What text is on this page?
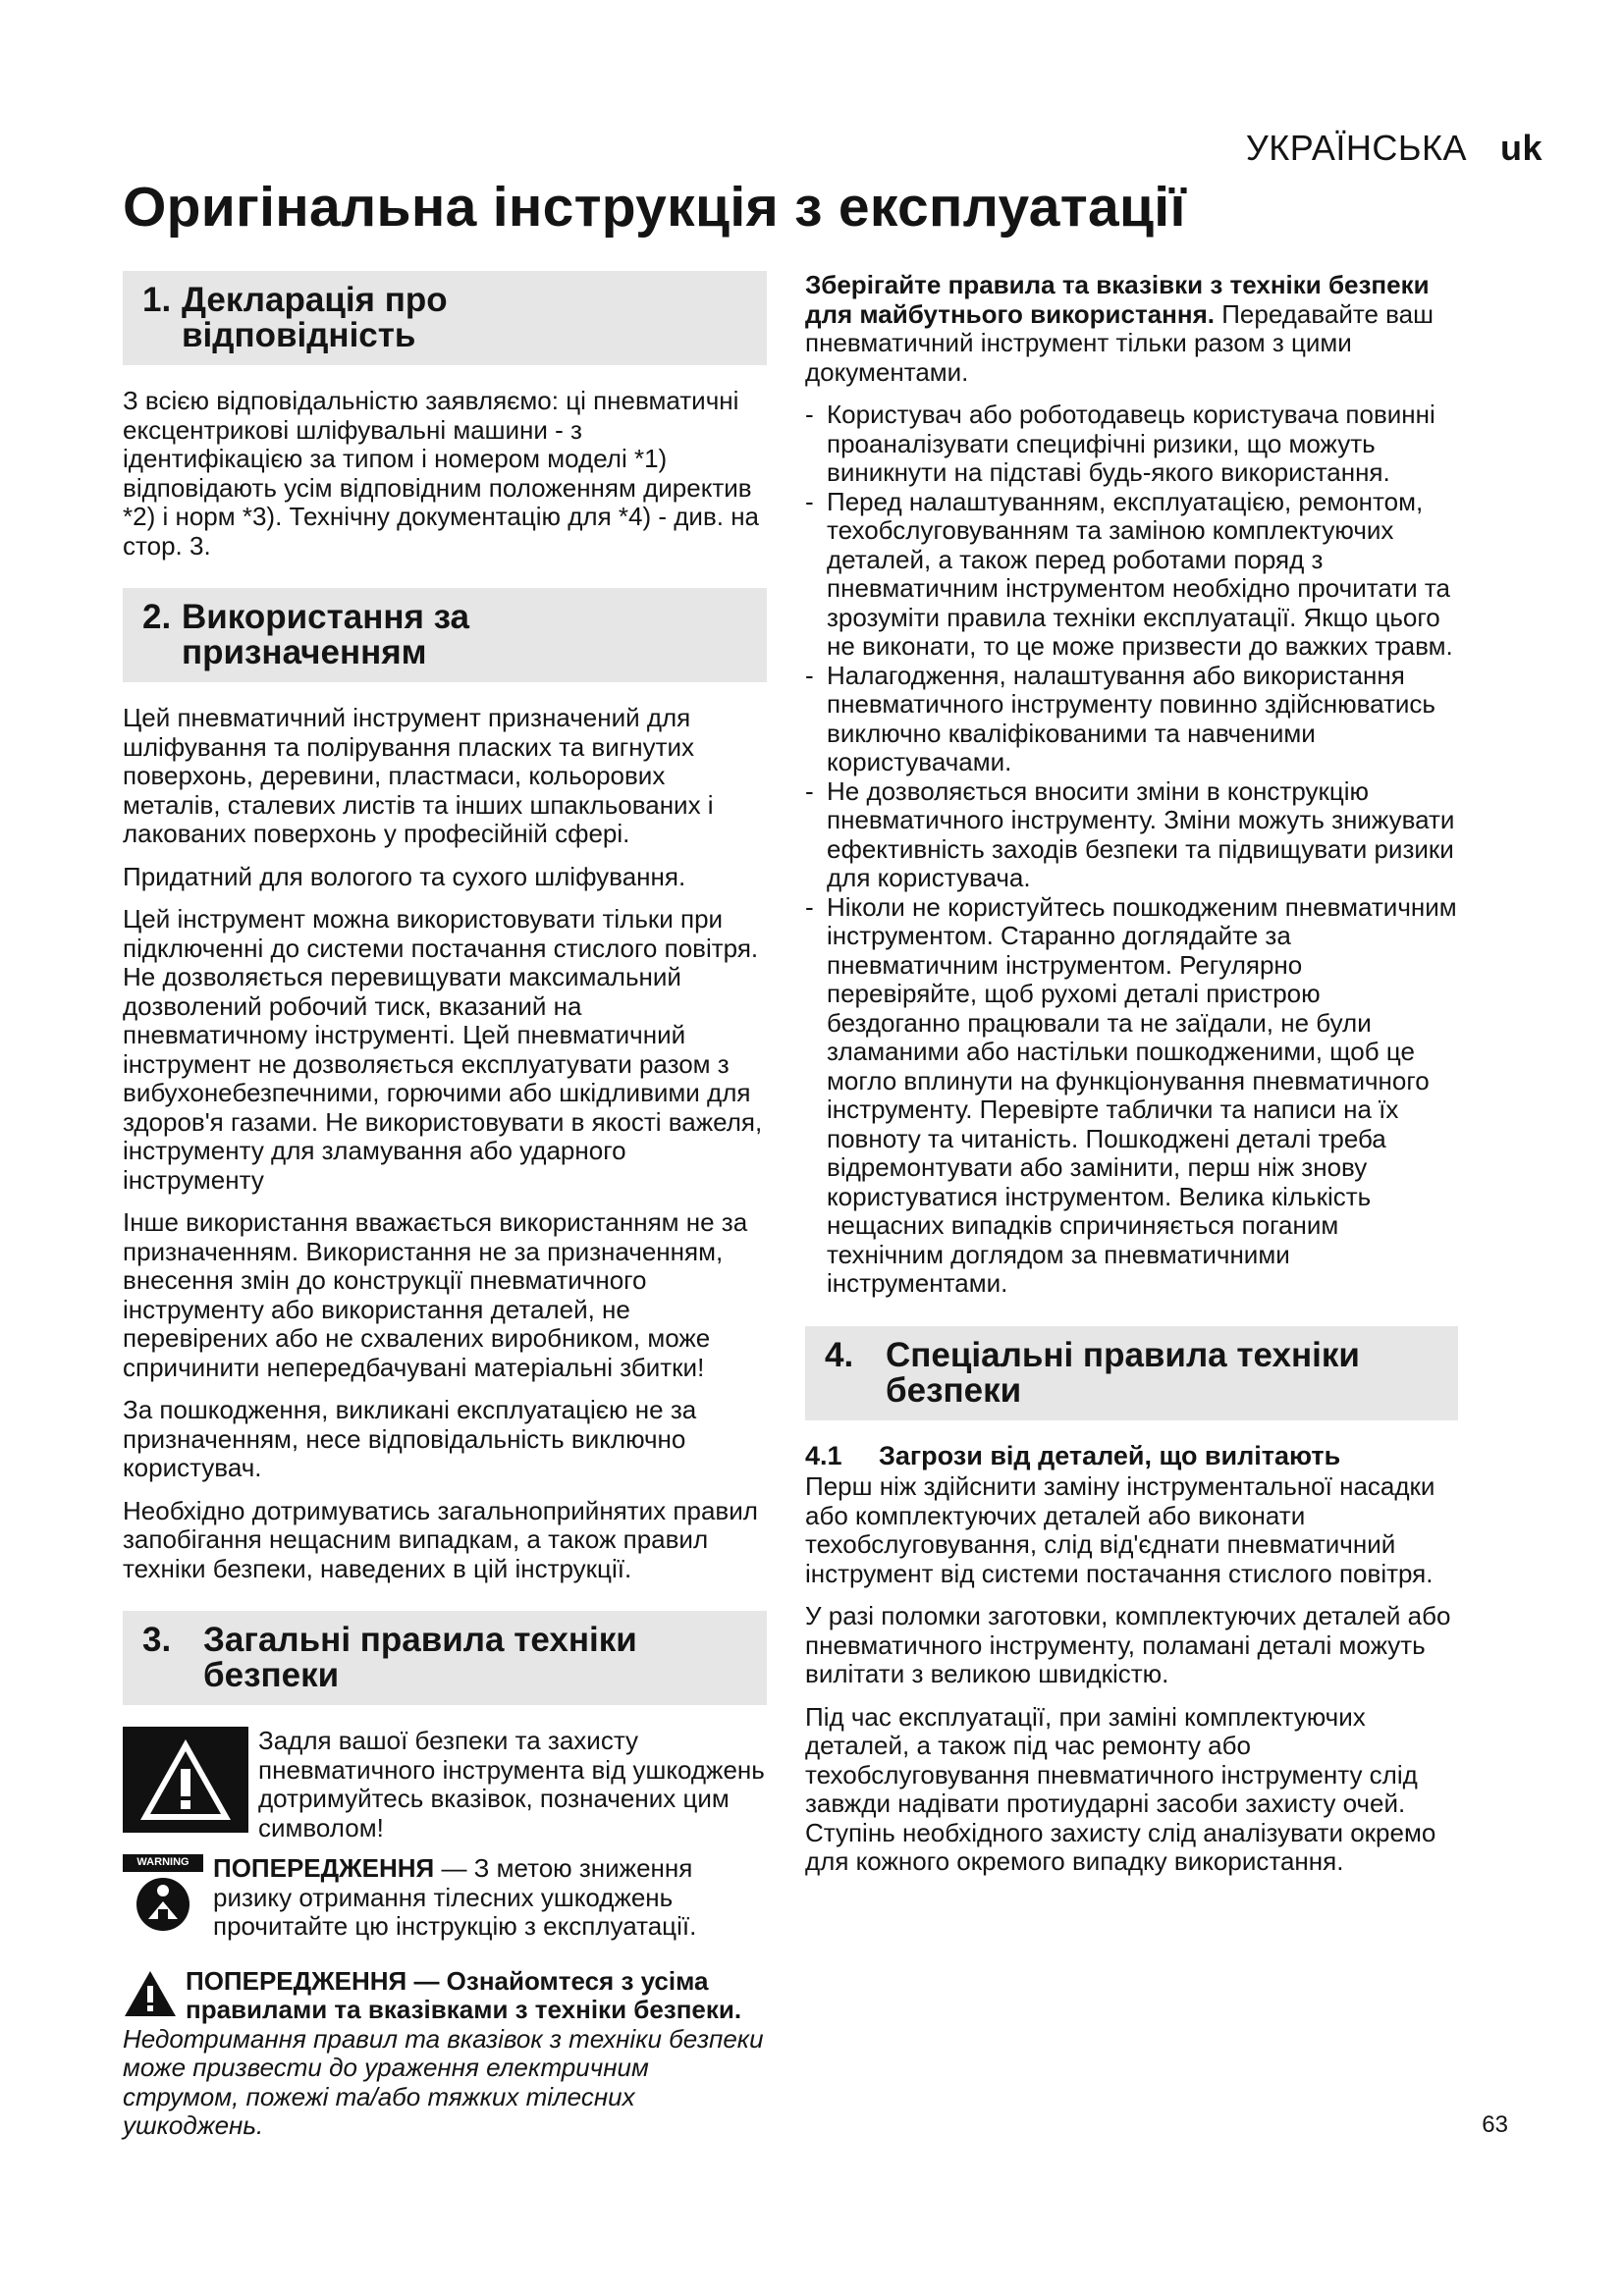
УКРАЇНСЬКА uk
Оригінальна інструкція з експлуатації
1. Декларація про
відповідність

З всією відповідальністю заявляємо: ці пневматичні ексцентрикові шліфувальні машини - з ідентифікацією за типом і номером моделі *1) відповідають усім відповідним положенням директив *2) і норм *3). Технічну документацію для *4) - див. на стор. 3.

2. Використання за
призначенням

Цей пневматичний інструмент призначений для шліфування та полірування пласких та вигнутих поверхонь, деревини, пластмаси, кольорових металів, сталевих листів та інших шпакльованих і лакованих поверхонь у професійній сфері.

Придатний для вологого та сухого шліфування.

Цей інструмент можна використовувати тільки при підключенні до системи постачання стислого повітря. Не дозволяється перевищувати максимальний дозволений робочий тиск, вказаний на пневматичному інструменті. Цей пневматичний інструмент не дозволяється експлуатувати разом з вибухонебезпечними, горючими або шкідливими для здоров'я газами. Не використовувати в якості важеля, інструменту для зламування або ударного інструменту

Інше використання вважається використанням не за призначенням. Використання не за призначенням, внесення змін до конструкції пневматичного інструменту або використання деталей, не перевірених або не схвалених виробником, може спричинити непередбачувані матеріальні збитки!

За пошкодження, викликані експлуатацією не за призначенням, несе відповідальність виключно користувач.

Необхідно дотримуватись загальноприйнятих правил запобігання нещасним випадкам, а також правил техніки безпеки, наведених в цій інструкції.

3. Загальні правила техніки
безпеки
Задля вашої безпеки та захисту пневматичного інструмента від ушкоджень дотримуйтесь вказівок, позначених цим символом!
WARNING ПОПЕРЕДЖЕННЯ — З метою зниження ризику отримання тілесних ушкоджень прочитайте цю інструкцію з експлуатації.
ПОПЕРЕДЖЕННЯ — Ознайомтеся з усіма правилами та вказівками з техніки безпеки. Недотримання правил та вказівок з техніки безпеки може призвести до ураження електричним струмом, пожежі та/або тяжких тілесних ушкоджень.

Зберігайте правила та вказівки з техніки безпеки для майбутнього використання. Передавайте ваш пневматичний інструмент тільки разом з цими документами.

- Користувач або роботодавець користувача повинні проаналізувати специфічні ризики, що можуть виникнути на підставі будь-якого використання.
- Перед налаштуванням, експлуатацією, ремонтом, техобслуговуванням та заміною комплектуючих деталей, а також перед роботами поряд з пневматичним інструментом необхідно прочитати та зрозуміти правила техніки експлуатації. Якщо цього не виконати, то це може призвести до важких травм.
- Налагодження, налаштування або використання пневматичного інструменту повинно здійснюватись виключно кваліфікованими та навченими користувачами.
- Не дозволяється вносити зміни в конструкцію пневматичного інструменту. Зміни можуть знижувати ефективність заходів безпеки та підвищувати ризики для користувача.
- Ніколи не користуйтесь пошкодженим пневматичним інструментом. Старанно доглядайте за пневматичним інструментом. Регулярно перевіряйте, щоб рухомі деталі пристрою бездоганно працювали та не заїдали, не були зламаними або настільки пошкодженими, щоб це могло вплинути на функціонування пневматичного інструменту. Перевірте таблички та написи на їх повноту та читаність. Пошкоджені деталі треба відремонтувати або замінити, перш ніж знову користуватися інструментом. Велика кількість нещасних випадків спричиняється поганим технічним доглядом за пневматичними інструментами.
4. Спеціальні правила техніки
безпеки
4.1 Загрози від деталей, що вилітають

Перш ніж здійснити заміну інструментальної насадки або комплектуючих деталей або виконати техобслуговування, слід від'єднати пневматичний інструмент від системи постачання стислого повітря.

У разі поломки заготовки, комплектуючих деталей або пневматичного інструменту, поламані деталі можуть вилітати з великою швидкістю.

Під час експлуатації, при заміні комплектуючих деталей, а також під час ремонту або техобслуговування пневматичного інструменту слід завжди надівати протиударні засоби захисту очей. Ступінь необхідного захисту слід аналізувати окремо для кожного окремого випадку використання.

63
